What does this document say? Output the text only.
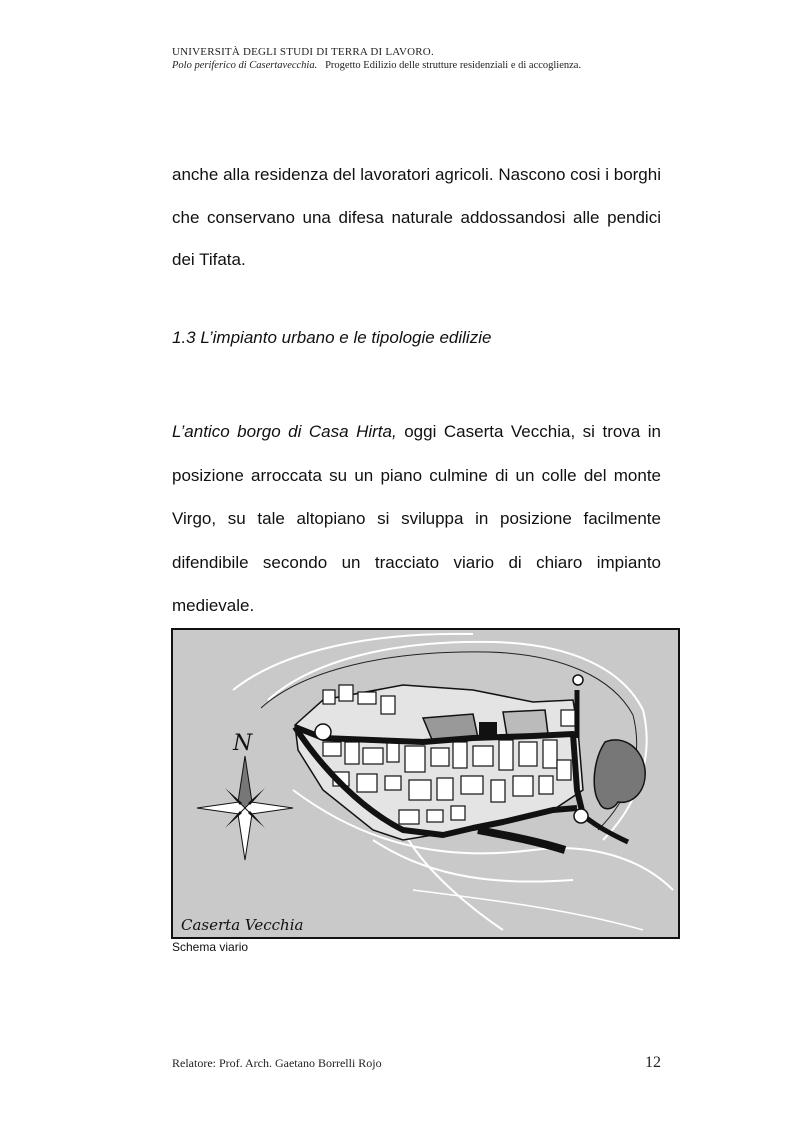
UNIVERSITÀ DEGLI STUDI DI TERRA DI LAVORO.
Polo periferico di Casertavecchia. Progetto Edilizio delle strutture residenziali e di accoglienza.
anche alla residenza del lavoratori agricoli. Nascono cosi i borghi che conservano una difesa naturale addossandosi alle pendici dei Tifata.
1.3 L’impianto urbano e le tipologie edilizie
L’antico borgo di Casa Hirta, oggi Caserta Vecchia, si trova in posizione arroccata su un piano culmine di un colle del monte Virgo, su tale altopiano si sviluppa in posizione facilmente difendibile secondo un tracciato viario di chiaro impianto medievale.
N
Caserta Vecchia
Schema viario
Relatore: Prof. Arch. Gaetano Borrelli Rojo	12
